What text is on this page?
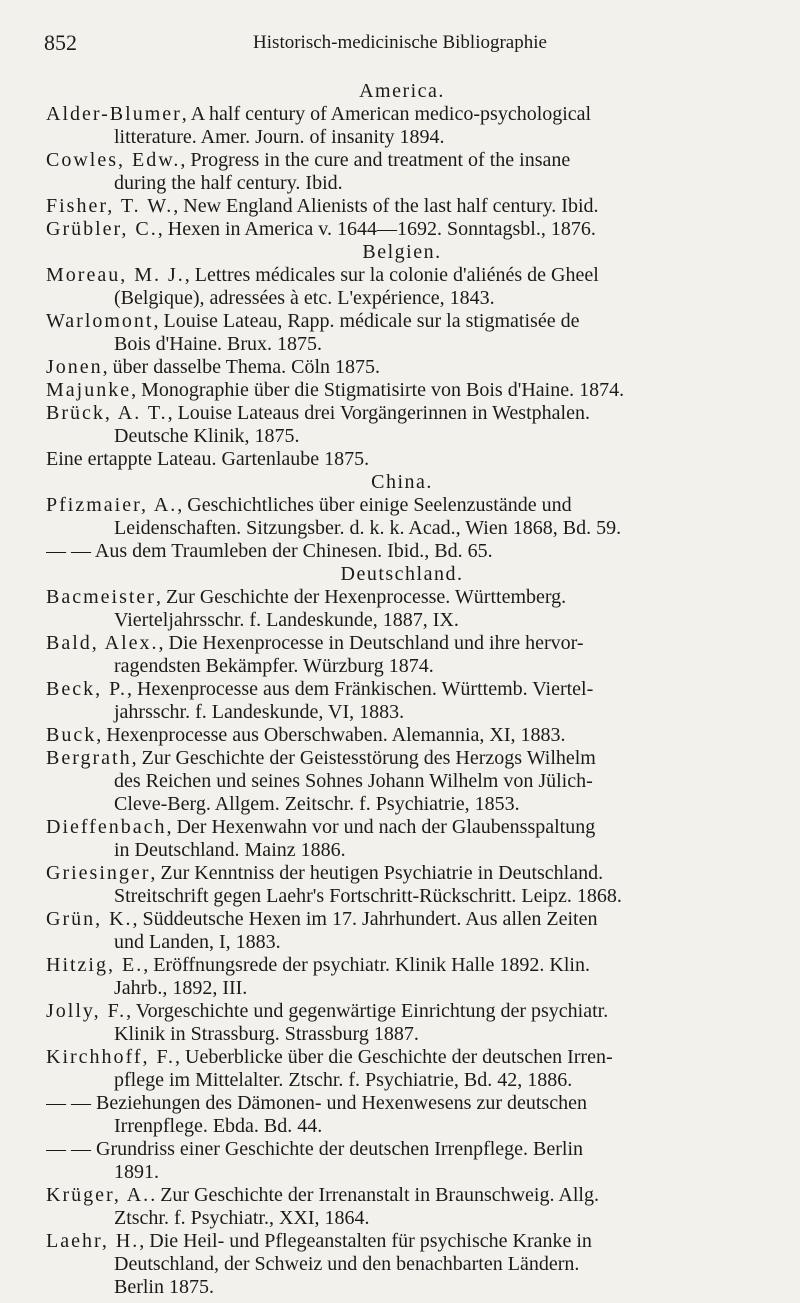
852	Historisch-medicinische Bibliographie
America.
Alder-Blumer, A half century of American medico-psychological
litterature. Amer. Journ. of insanity 1894.
Cowles, Edw., Progress in the cure and treatment of the insane
during the half century. Ibid.
Fisher, T. W., New England Alienists of the last half century. Ibid.
Grübler, C., Hexen in America v. 1644—1692. Sonntagsbl., 1876.
Belgien.
Moreau, M. J., Lettres médicales sur la colonie d'aliénés de Gheel
(Belgique), adressées à etc. L'expérience, 1843.
Warlomont, Louise Lateau, Rapp. médicale sur la stigmatisée de
Bois d'Haine. Brux. 1875.
Jonen, über dasselbe Thema. Cöln 1875.
Majunke, Monographie über die Stigmatisirte von Bois d'Haine. 1874.
Brück, A. T., Louise Lateaus drei Vorgängerinnen in Westphalen.
Deutsche Klinik, 1875.
Eine ertappte Lateau. Gartenlaube 1875.
China.
Pfizmaier, A., Geschichtliches über einige Seelenzustände und
Leidenschaften. Sitzungsber. d. k. k. Acad., Wien 1868, Bd. 59.
— — Aus dem Traumleben der Chinesen. Ibid., Bd. 65.
Deutschland.
Bacmeister, Zur Geschichte der Hexenprocesse. Württemberg.
Vierteljahrsschr. f. Landeskunde, 1887, IX.
Bald, Alex., Die Hexenprocesse in Deutschland und ihre hervor-
ragendsten Bekämpfer. Würzburg 1874.
Beck, P., Hexenprocesse aus dem Fränkischen. Württemb. Viertel-
jahrsschr. f. Landeskunde, VI, 1883.
Buck, Hexenprocesse aus Oberschwaben. Alemannia, XI, 1883.
Bergrath, Zur Geschichte der Geistesstörung des Herzogs Wilhelm
des Reichen und seines Sohnes Johann Wilhelm von Jülich-
Cleve-Berg. Allgem. Zeitschr. f. Psychiatrie, 1853.
Dieffenbach, Der Hexenwahn vor und nach der Glaubensspaltung
in Deutschland. Mainz 1886.
Griesinger, Zur Kenntniss der heutigen Psychiatrie in Deutschland.
Streitschrift gegen Laehr's Fortschritt-Rückschritt. Leipz. 1868.
Grün, K., Süddeutsche Hexen im 17. Jahrhundert. Aus allen Zeiten
und Landen, I, 1883.
Hitzig, E., Eröffnungsrede der psychiatr. Klinik Halle 1892. Klin.
Jahrb., 1892, III.
Jolly, F., Vorgeschichte und gegenwärtige Einrichtung der psychiatr.
Klinik in Strassburg. Strassburg 1887.
Kirchhoff, F., Ueberblicke über die Geschichte der deutschen Irren-
pflege im Mittelalter. Ztschr. f. Psychiatrie, Bd. 42, 1886.
— — Beziehungen des Dämonen- und Hexenwesens zur deutschen
Irrenpflege. Ebda. Bd. 44.
— — Grundriss einer Geschichte der deutschen Irrenpflege. Berlin
1891.
Krüger, A.. Zur Geschichte der Irrenanstalt in Braunschweig. Allg.
Ztschr. f. Psychiatr., XXI, 1864.
Laehr, H., Die Heil- und Pflegeanstalten für psychische Kranke in
Deutschland, der Schweiz und den benachbarten Ländern.
Berlin 1875.
